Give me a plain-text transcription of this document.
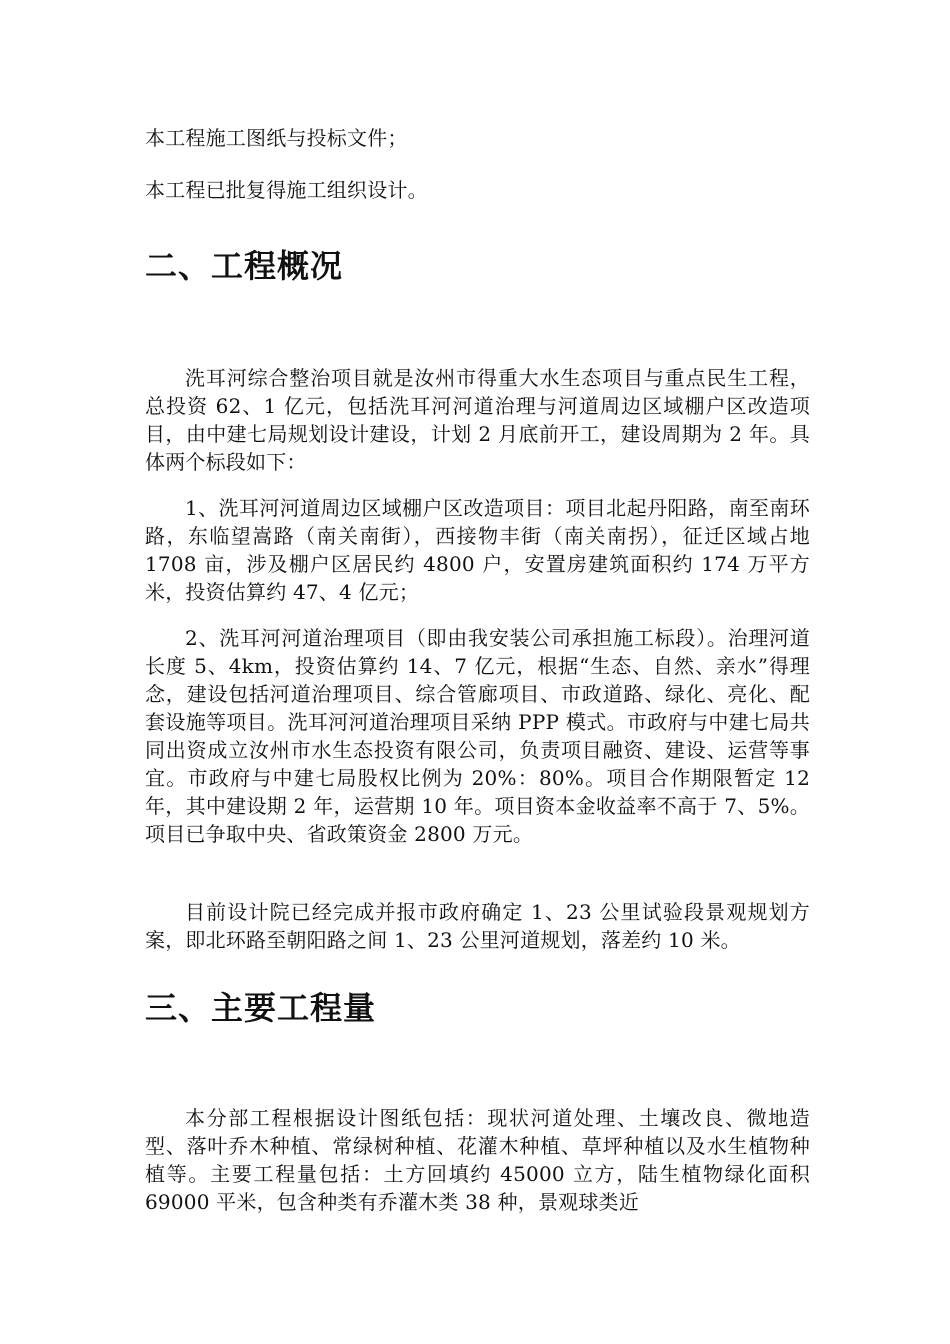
本工程施工图纸与投标文件；
本工程已批复得施工组织设计。
二、工程概况

洗耳河综合整治项目就是汝州市得重大水生态项目与重点民生工程，总投资 62、1 亿元，包括洗耳河河道治理与河道周边区域棚户区改造项目，由中建七局规划设计建设，计划 2 月底前开工，建设周期为 2 年。具体两个标段如下：

1、洗耳河河道周边区域棚户区改造项目：项目北起丹阳路，南至南环路，东临望嵩路（南关南街），西接物丰街（南关南拐），征迁区域占地 1708 亩，涉及棚户区居民约 4800 户，安置房建筑面积约 174 万平方米，投资估算约 47、4 亿元；

2、洗耳河河道治理项目（即由我安装公司承担施工标段）。治理河道长度 5、4km，投资估算约 14、7 亿元，根据“生态、自然、亲水”得理念，建设包括河道治理项目、综合管廊项目、市政道路、绿化、亮化、配套设施等项目。洗耳河河道治理项目采纳 PPP 模式。市政府与中建七局共同出资成立汝州市水生态投资有限公司，负责项目融资、建设、运营等事宜。市政府与中建七局股权比例为 20%：80%。项目合作期限暂定 12 年，其中建设期 2 年，运营期 10 年。项目资本金收益率不高于 7、5%。项目已争取中央、省政策资金 2800 万元。

目前设计院已经完成并报市政府确定 1、23 公里试验段景观规划方案，即北环路至朝阳路之间 1、23 公里河道规划，落差约 10 米。

三、主要工程量

本分部工程根据设计图纸包括：现状河道处理、土壤改良、微地造型、落叶乔木种植、常绿树种植、花灌木种植、草坪种植以及水生植物种植等。主要工程量包括：土方回填约 45000 立方，陆生植物绿化面积 69000 平米，包含种类有乔灌木类 38 种，景观球类近
